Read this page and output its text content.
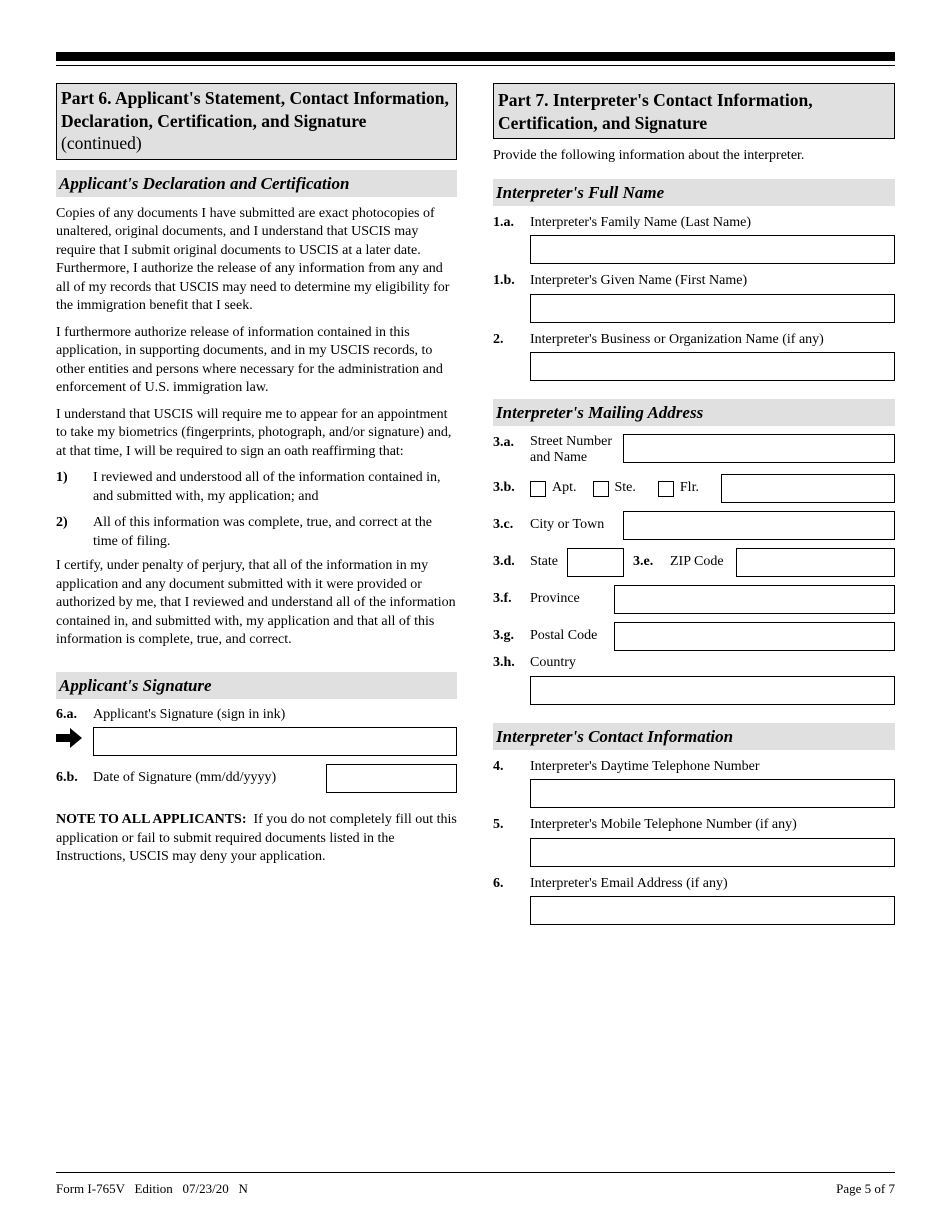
Part 6. Applicant's Statement, Contact Information, Declaration, Certification, and Signature (continued)
Applicant's Declaration and Certification

Copies of any documents I have submitted are exact photocopies of unaltered, original documents, and I understand that USCIS may require that I submit original documents to USCIS at a later date. Furthermore, I authorize the release of any information from any and all of my records that USCIS may need to determine my eligibility for the immigration benefit that I seek.

I furthermore authorize release of information contained in this application, in supporting documents, and in my USCIS records, to other entities and persons where necessary for the administration and enforcement of U.S. immigration law.

I understand that USCIS will require me to appear for an appointment to take my biometrics (fingerprints, photograph, and/or signature) and, at that time, I will be required to sign an oath reaffirming that:

1)	I reviewed and understood all of the information contained in, and submitted with, my application; and
2)	All of this information was complete, true, and correct at the time of filing.

I certify, under penalty of perjury, that all of the information in my application and any document submitted with it were provided or authorized by me, that I reviewed and understand all of the information contained in, and submitted with, my application and that all of this information is complete, true, and correct.

Applicant's Signature
6.a.	Applicant's Signature (sign in ink)
6.b.	Date of Signature (mm/dd/yyyy)

NOTE TO ALL APPLICANTS:  If you do not completely fill out this application or fail to submit required documents listed in the Instructions, USCIS may deny your application.

Part 7. Interpreter's Contact Information, Certification, and Signature

Provide the following information about the interpreter.

Interpreter's Full Name
1.a.	Interpreter's Family Name (Last Name)
1.b.	Interpreter's Given Name (First Name)
2.	Interpreter's Business or Organization Name (if any)
Interpreter's Mailing Address
3.a.	Street Number
and Name
3.b.	Apt.	Ste.	Flr.
3.c.	City or Town
3.d.	State	3.e.	ZIP Code
3.f.	Province
3.g.	Postal Code
3.h.	Country
Interpreter's Contact Information
4.	Interpreter's Daytime Telephone Number
5.	Interpreter's Mobile Telephone Number (if any)
6.	Interpreter's Email Address (if any)
Form I-765V   Edition   07/23/20   N	Page 5 of 7
